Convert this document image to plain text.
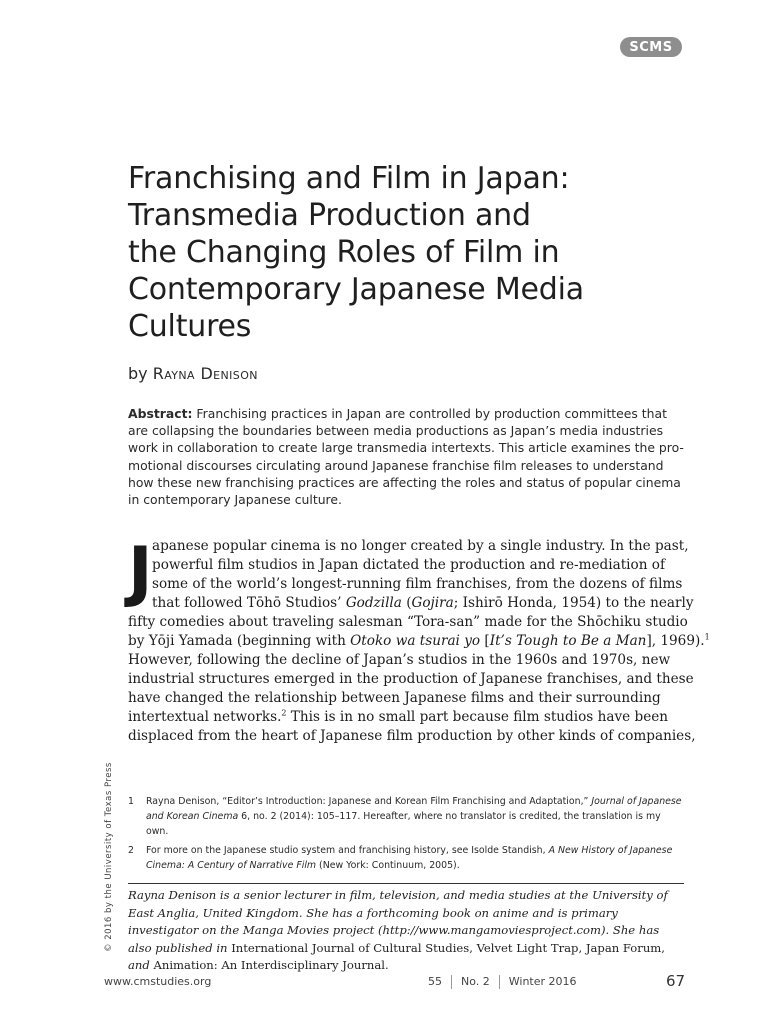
SCMS
Franchising and Film in Japan:
Transmedia Production and
the Changing Roles of Film in
Contemporary Japanese Media
Cultures
by Rayna Denison
Abstract: Franchising practices in Japan are controlled by production committees that are collapsing the boundaries between media productions as Japan’s media industries work in collaboration to create large transmedia intertexts. This article examines the pro-motional discourses circulating around Japanese franchise film releases to understand how these new franchising practices are affecting the roles and status of popular cinema in contemporary Japanese culture.
J apanese popular cinema is no longer created by a single industry. In the past,
powerful film studios in Japan dictated the production and re-mediation of
some of the world’s longest-running film franchises, from the dozens of films
that followed Tōhō Studios’ Godzilla (Gojira; Ishirō Honda, 1954) to the nearly
fifty comedies about traveling salesman “Tora-san” made for the Shōchiku studio
by Yōji Yamada (beginning with Otoko wa tsurai yo [It’s Tough to Be a Man], 1969).$^1$
However, following the decline of Japan’s studios in the 1960s and 1970s, new
industrial structures emerged in the production of Japanese franchises, and these
have changed the relationship between Japanese films and their surrounding
intertextual networks.$^2$ This is in no small part because film studios have been
displaced from the heart of Japanese film production by other kinds of companies,
© 2016 by the University of Texas Press 1 Rayna Denison, “Editor’s Introduction: Japanese and Korean Film Franchising and Adaptation,” Journal of Japanese and Korean Cinema 6, no. 2 (2014): 105–117. Hereafter, where no translator is credited, the translation is my own.
2 For more on the Japanese studio system and franchising history, see Isolde Standish, A New History of Japanese Cinema: A Century of Narrative Film (New York: Continuum, 2005).
Rayna Denison is a senior lecturer in film, television, and media studies at the University of East Anglia, United Kingdom. She has a forthcoming book on anime and is primary investigator on the Manga Movies project (http://www.mangamoviesproject.com). She has also published in International Journal of Cultural Studies, Velvet Light Trap, Japan Forum, and Animation: An Interdisciplinary Journal.
www.cmstudies.org	55 No. 2 Winter 2016	67
